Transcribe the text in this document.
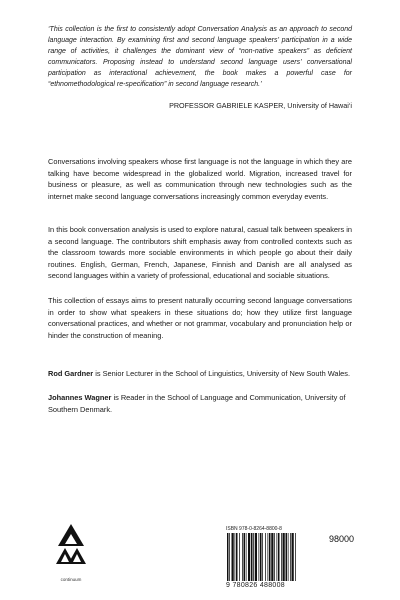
‘This collection is the first to consistently adopt Conversation Analysis as an approach to second language interaction. By examining first and second language speakers’ participation in a wide range of activities, it challenges the dominant view of “non-native speakers” as deficient communicators. Proposing instead to understand second language users’ conversational participation as interactional achievement, the book makes a powerful case for “ethnomethodological re-specification” in second language research.’
PROFESSOR GABRIELE KASPER, University of Hawai‘i
Conversations involving speakers whose first language is not the language in which they are talking have become widespread in the globalized world. Migration, increased travel for business or pleasure, as well as communication through new technologies such as the internet make second language conversations increasingly common everyday events.
In this book conversation analysis is used to explore natural, casual talk between speakers in a second language. The contributors shift emphasis away from controlled contexts such as the classroom towards more sociable environments in which people go about their daily routines. English, German, French, Japanese, Finnish and Danish are all analysed as second languages within a variety of professional, educational and sociable situations.
This collection of essays aims to present naturally occurring second language conversations in order to show what speakers in these situations do; how they utilize first language conversational practices, and whether or not grammar, vocabulary and pronunciation help or hinder the construction of meaning.
Rod Gardner is Senior Lecturer in the School of Linguistics, University of New South Wales.
Johannes Wagner is Reader in the School of Language and Communication, University of Southern Denmark.
continuum
ISBN 978-0-8264-8800-8
98000
9 780826 488008
